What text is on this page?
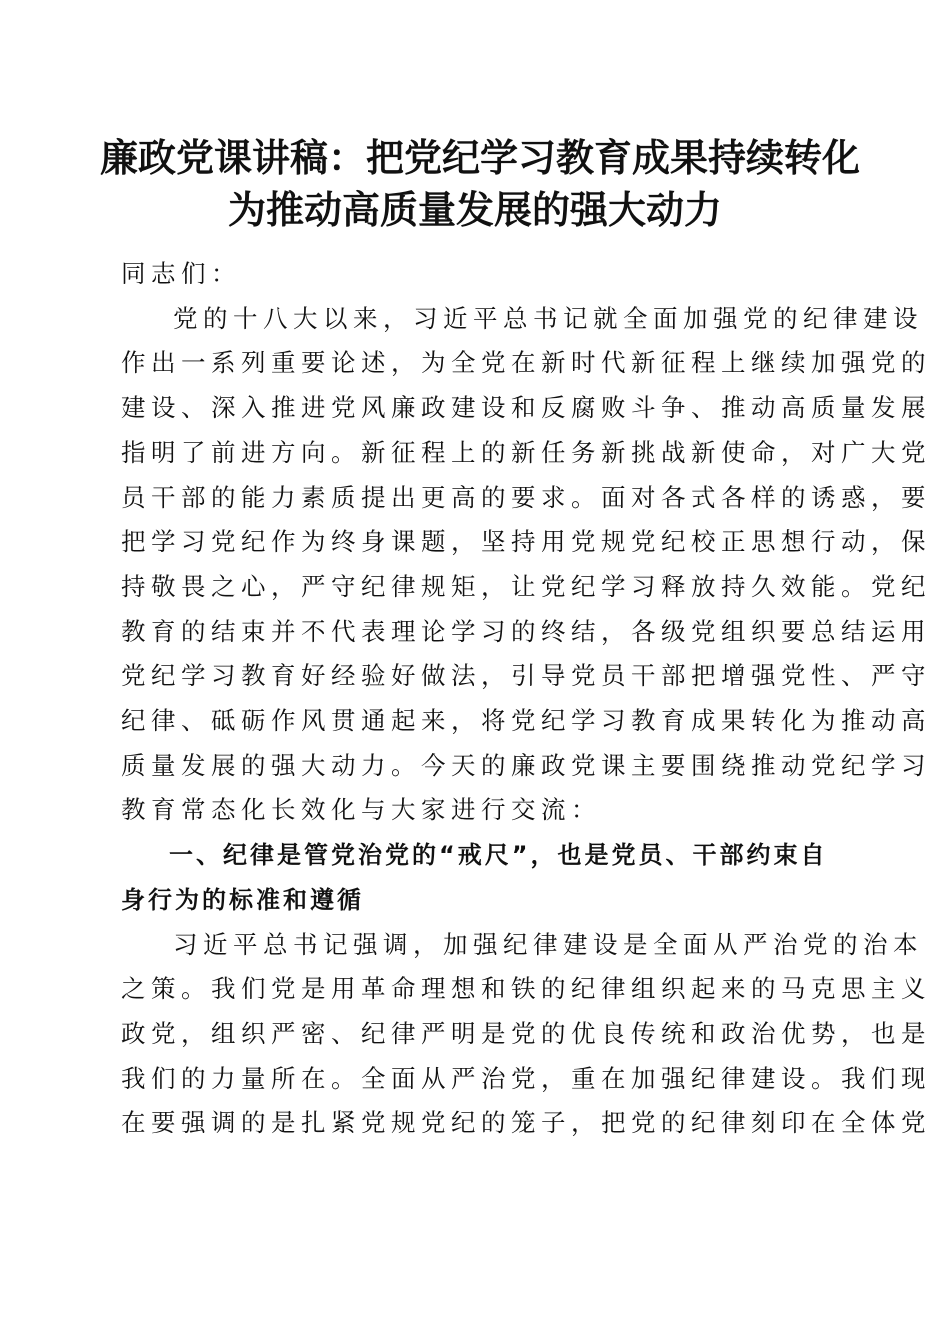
廉政党课讲稿：把党纪学习教育成果持续转化
为推动高质量发展的强大动力

同志们：

党的十八大以来，习近平总书记就全面加强党的纪律建设
作出一系列重要论述，为全党在新时代新征程上继续加强党的
建设、深入推进党风廉政建设和反腐败斗争、推动高质量发展
指明了前进方向。新征程上的新任务新挑战新使命，对广大党
员干部的能力素质提出更高的要求。面对各式各样的诱惑，要
把学习党纪作为终身课题，坚持用党规党纪校正思想行动，保
持敬畏之心，严守纪律规矩，让党纪学习释放持久效能。党纪
教育的结束并不代表理论学习的终结，各级党组织要总结运用
党纪学习教育好经验好做法，引导党员干部把增强党性、严守
纪律、砥砺作风贯通起来，将党纪学习教育成果转化为推动高
质量发展的强大动力。今天的廉政党课主要围绕推动党纪学习
教育常态化长效化与大家进行交流：
一、纪律是管党治党的“戒尺”，也是党员、干部约束自
身行为的标准和遵循
习近平总书记强调，加强纪律建设是全面从严治党的治本
之策。我们党是用革命理想和铁的纪律组织起来的马克思主义
政党，组织严密、纪律严明是党的优良传统和政治优势，也是
我们的力量所在。全面从严治党，重在加强纪律建设。我们现
在要强调的是扎紧党规党纪的笼子，把党的纪律刻印在全体党
